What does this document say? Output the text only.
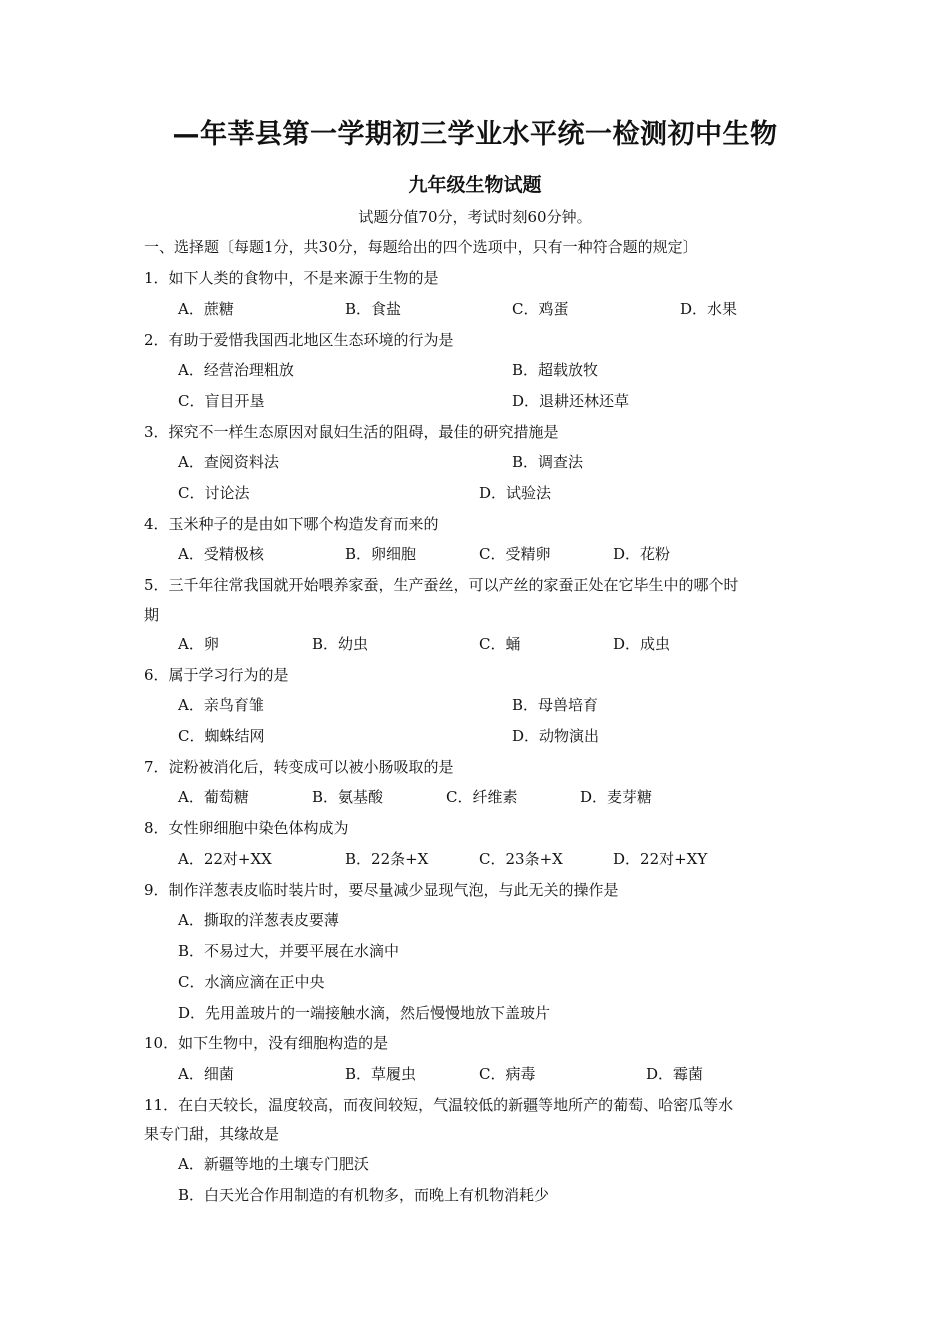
—年莘县第一学期初三学业水平统一检测初中生物
九年级生物试题
试题分值70分，考试时刻60分钟。
一、选择题〔每题1分，共30分，每题给出的四个选项中，只有一种符合题的规定〕
1．如下人类的食物中，不是来源于生物的是
A．蔗糖	B．食盐	C．鸡蛋	D．水果
2．有助于爱惜我国西北地区生态环境的行为是
A．经营治理粗放	B．超载放牧
C．盲目开垦	D．退耕还林还草
3．探究不一样生态原因对鼠妇生活的阻碍，最佳的研究措施是
A．查阅资料法	B．调查法
C．讨论法	D．试验法
4．玉米种子的是由如下哪个构造发育而来的
A．受精极核	B．卵细胞	C．受精卵	D．花粉
5．三千年往常我国就开始喂养家蚕，生产蚕丝，可以产丝的家蚕正处在它毕生中的哪个时
期
A．卵	B．幼虫	C．蛹	D．成虫
6．属于学习行为的是
A．亲鸟育雏	B．母兽培育
C．蜘蛛结网	D．动物演出
7．淀粉被消化后，转变成可以被小肠吸取的是
A．葡萄糖	B．氨基酸	C．纤维素	D．麦芽糖
8．女性卵细胞中染色体构成为
A．22对+XX	B．22条+X	C．23条+X	D．22对+XY
9．制作洋葱表皮临时装片时，要尽量减少显现气泡，与此无关的操作是
A．撕取的洋葱表皮要薄
B．不易过大，并要平展在水滴中
C．水滴应滴在正中央
D．先用盖玻片的一端接触水滴，然后慢慢地放下盖玻片
10．如下生物中，没有细胞构造的是
A．细菌	B．草履虫	C．病毒	D．霉菌
11．在白天较长，温度较高，而夜间较短，气温较低的新疆等地所产的葡萄、哈密瓜等水
果专门甜，其缘故是
A．新疆等地的土壤专门肥沃
B．白天光合作用制造的有机物多，而晚上有机物消耗少
